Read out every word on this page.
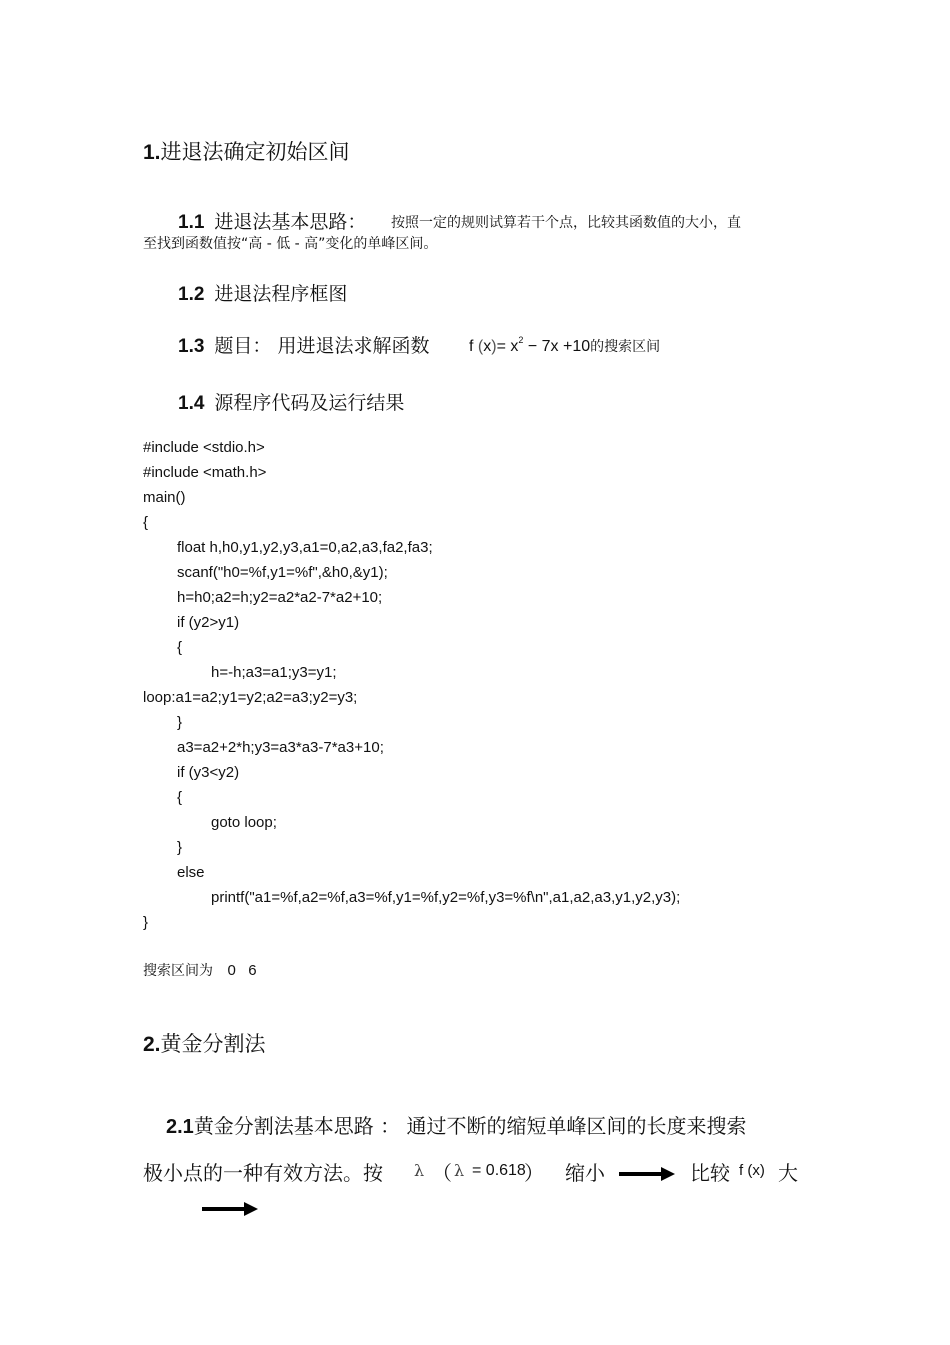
1.进退法确定初始区间
1.1 进退法基本思路： 按照一定的规则试算若干个点，比较其函数值的大小，直
至找到函数值按“高 - 低 - 高”变化的单峰区间。
1.2 进退法程序框图
1.3 题目： 用进退法求解函数 f $(x)= x^2 - 7x +10$的搜索区间
1.4 源程序代码及运行结果
#include <stdio.h>
#include <math.h>
main()
{
float h,h0,y1,y2,y3,a1=0,a2,a3,fa2,fa3;
scanf("h0=%f,y1=%f",&h0,&y1);
h=h0;a2=h;y2=a2*a2-7*a2+10;
if (y2>y1)
{
h=-h;a3=a1;y3=y1;
loop:a1=a2;y1=y2;a2=a3;y2=y3;
}
a3=a2+2*h;y3=a3*a3-7*a3+10;
if (y3<y2)
{
goto loop;
}
else
printf("a1=%f,a2=%f,a3=%f,y1=%f,y2=%f,y3=%f\n",a1,a2,a3,y1,y2,y3);
}
搜索区间为 0 6
2.黄金分割法
2.1黄金分割法基本思路 ： 通过不断的缩短单峰区间的长度来搜索
极小点的一种有效方法。按 λ （ λ = 0.618
） 缩小	比较 f (x) 大
